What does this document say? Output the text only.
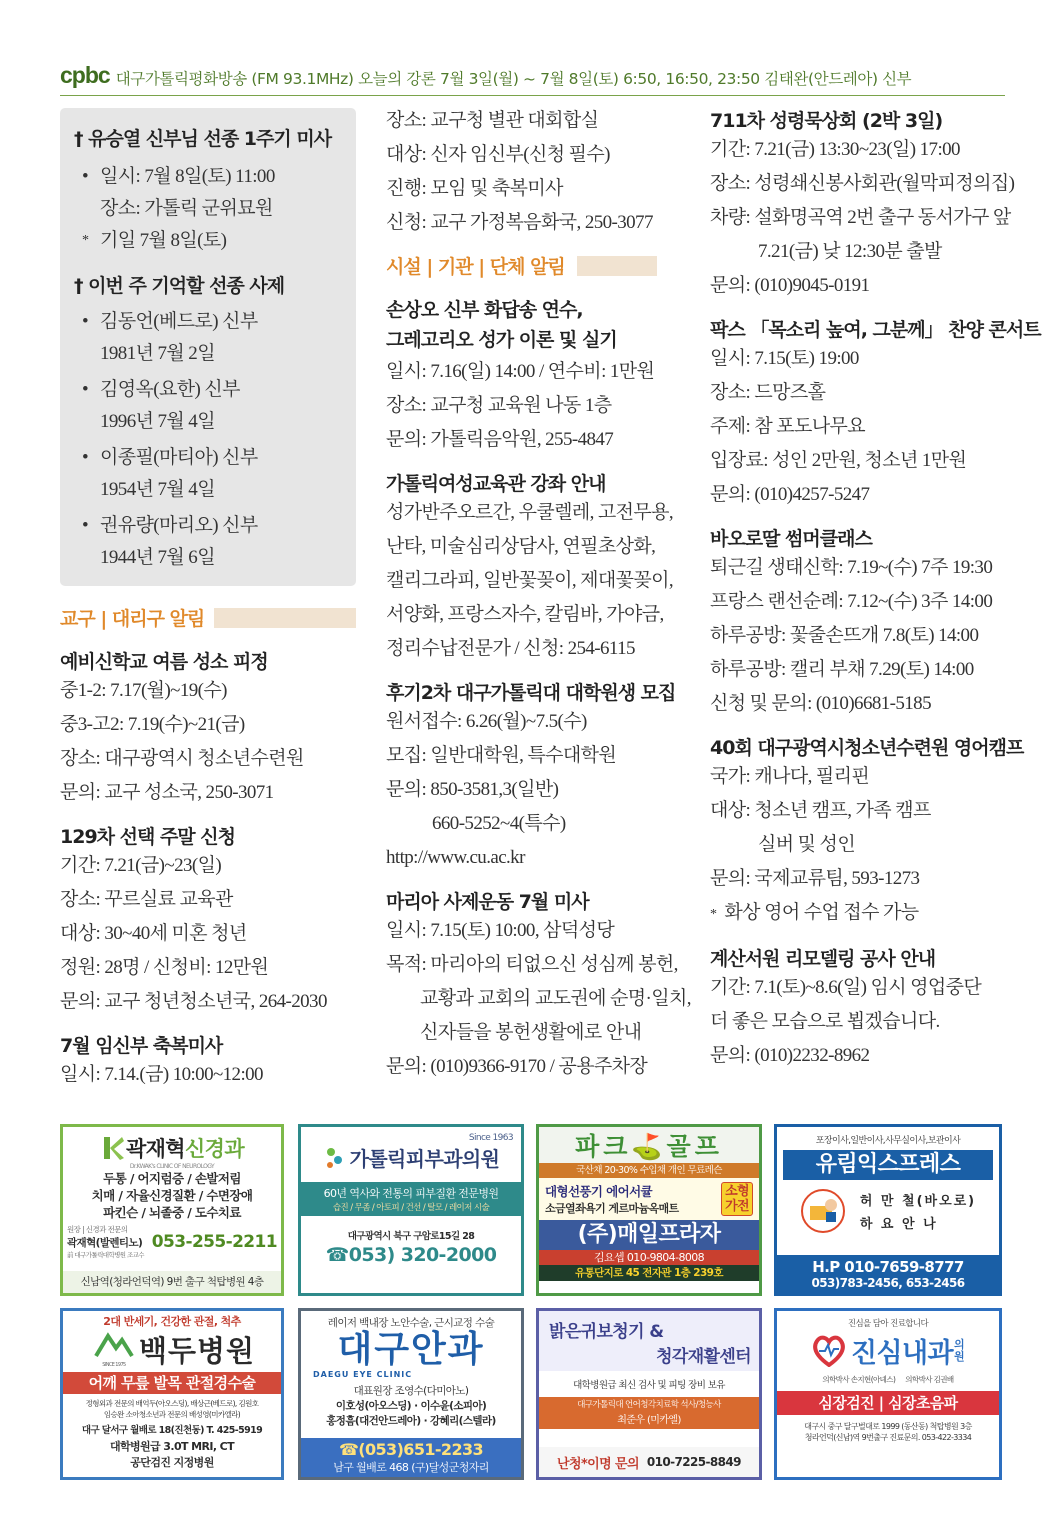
cpbc 대구가톨릭평화방송 (FM 93.1MHz) 오늘의 강론 7월 3일(월) ~ 7월 8일(토) 6:50, 16:50, 23:50 김태완(안드레아) 신부
† 유승열 신부님 선종 1주기 미사
• 일시: 7월 8일(토) 11:00
장소: 가톨릭 군위묘원
* 기일 7월 8일(토)
† 이번 주 기억할 선종 사제
• 김동언(베드로) 신부
1981년 7월 2일
• 김영옥(요한) 신부
1996년 7월 4일
• 이종필(마티아) 신부
1954년 7월 4일
• 권유량(마리오) 신부
1944년 7월 6일
교구 | 대리구 알림
예비신학교 여름 성소 피정
중1-2: 7.17(월)~19(수)
중3-고2: 7.19(수)~21(금)
장소: 대구광역시 청소년수련원
문의: 교구 성소국, 250-3071
129차 선택 주말 신청
기간: 7.21(금)~23(일)
장소: 꾸르실료 교육관
대상: 30~40세 미혼 청년
정원: 28명 / 신청비: 12만원
문의: 교구 청년청소년국, 264-2030
7월 임신부 축복미사
일시: 7.14.(금) 10:00~12:00
장소: 교구청 별관 대회합실
대상: 신자 임신부(신청 필수)
진행: 모임 및 축복미사
신청: 교구 가정복음화국, 250-3077
시설 | 기관 | 단체 알림
손상오 신부 화답송 연수,
그레고리오 성가 이론 및 실기
일시: 7.16(일) 14:00 / 연수비: 1만원
장소: 교구청 교육원 나동 1층
문의: 가톨릭음악원, 255-4847
가톨릭여성교육관 강좌 안내
성가반주오르간, 우쿨렐레, 고전무용,
난타, 미술심리상담사, 연필초상화,
캘리그라피, 일반꽃꽂이, 제대꽃꽂이,
서양화, 프랑스자수, 칼림바, 가야금,
정리수납전문가 / 신청: 254-6115
후기2차 대구가톨릭대 대학원생 모집
원서접수: 6.26(월)~7.5(수)
모집: 일반대학원, 특수대학원
문의: 850-3581,3(일반)
660-5252~4(특수)
http://www.cu.ac.kr
마리아 사제운동 7월 미사
일시: 7.15(토) 10:00, 삼덕성당
목적: 마리아의 티없으신 성심께 봉헌,
교황과 교회의 교도권에 순명·일치,
신자들을 봉헌생활에로 안내
문의: (010)9366-9170 / 공용주차장
711차 성령묵상회 (2박 3일)
기간: 7.21(금) 13:30~23(일) 17:00
장소: 성령쇄신봉사회관(월막피정의집)
차량: 설화명곡역 2번 출구 동서가구 앞
7.21(금) 낮 12:30분 출발
문의: (010)9045-0191
팍스 「목소리 높여, 그분께」 찬양 콘서트
일시: 7.15(토) 19:00
장소: 드망즈홀
주제: 참 포도나무요
입장료: 성인 2만원, 청소년 1만원
문의: (010)4257-5247
바오로딸 썸머클래스
퇴근길 생태신학: 7.19~(수) 7주 19:30
프랑스 랜선순례: 7.12~(수) 3주 14:00
하루공방: 꽃줄손뜨개 7.8(토) 14:00
하루공방: 캘리 부채 7.29(토) 14:00
신청 및 문의: (010)6681-5185
40회 대구광역시청소년수련원 영어캠프
국가: 캐나다, 필리핀
대상: 청소년 캠프, 가족 캠프
실버 및 성인
문의: 국제교류팀, 593-1273
* 화상 영어 수업 접수 가능
계산서원 리모델링 공사 안내
기간: 7.1(토)~8.6(일) 임시 영업중단
더 좋은 모습으로 뵙겠습니다.
문의: (010)2232-8962
곽재혁 신경과
Dr.KWAK's CLINIC OF NEUROLOGY
두통 / 어지럼증 / 손발저림
치매 / 자율신경질환 / 수면장애
파킨슨 / 뇌졸중 / 도수치료
원장 | 신경과 전문의
곽재혁(발렌티노)
前 대구가톨릭대학병원 조교수
053-255-2211
신남역(청라언덕역) 9번 출구 척탑병원 4층
Since 1963
가톨릭피부과의원
60년 역사와 전통의 피부질환 전문병원
습진 / 무좀 / 아토피 / 건선 / 탈모 / 레이저 시술
대구광역시 북구 구암로15길 28
☎053) 320-2000
파크⛳골프
국산채 20-30% 수입채 개인 무료레슨
대형선풍기 에어서큘
소금열좌욕기 게르마늄옥매트
소형
가전
(주)매일프라자
김요셉 010-9804-8008
유통단지로 45 전자관 1층 239호
포장이사,일반이사,사무실이사,보관이사
유림익스프레스
허 만 철(바오로)
하 요 안 나
H.P 010-7659-8777
053)783-2456, 653-2456
2대 반세기, 건강한 관절, 척추
SINCE 1975 백두병원
어깨 무릎 발목 관절경수술
정형외과 전문의 배억두(아오스딩), 배상근(베드로), 김원호
임승완 소아청소년과 전문의 배성영(미카엘라)
대구 달서구 월배로 18(진천동) T. 425-5919
대학병원급 3.0T MRI, CT
공단검진 지정병원
레이저 백내장 노안수술, 근시교정 수술
대구안과
DAEGU EYE CLINIC
대표원장 조영수(다미아노)
이호성(아오스딩) · 이수윤(소피아)
홍정흠(대건안드레아) · 강혜리(스텔라)
☎(053)651-2233
남구 월배로 468 (구)달성군청자리
밝은귀보청기 &
청각재활센터
대학병원급 최신 검사 및 피팅 장비 보유
대구가톨릭대 언어청각치료학 석사/청능사
최준우 (미카엘)
난청*이명 문의 010-7225-8849
진심을 담아 진료합니다
진심내과 의원
의학박사 손지현(아녜스) 의학박사 김권배
심장검진 | 심장초음파
대구시 중구 달구벌대로 1999 (동산동) 척탑병원 3층
청라언덕(신남)역 9번출구 진료문의. 053-422-3334
